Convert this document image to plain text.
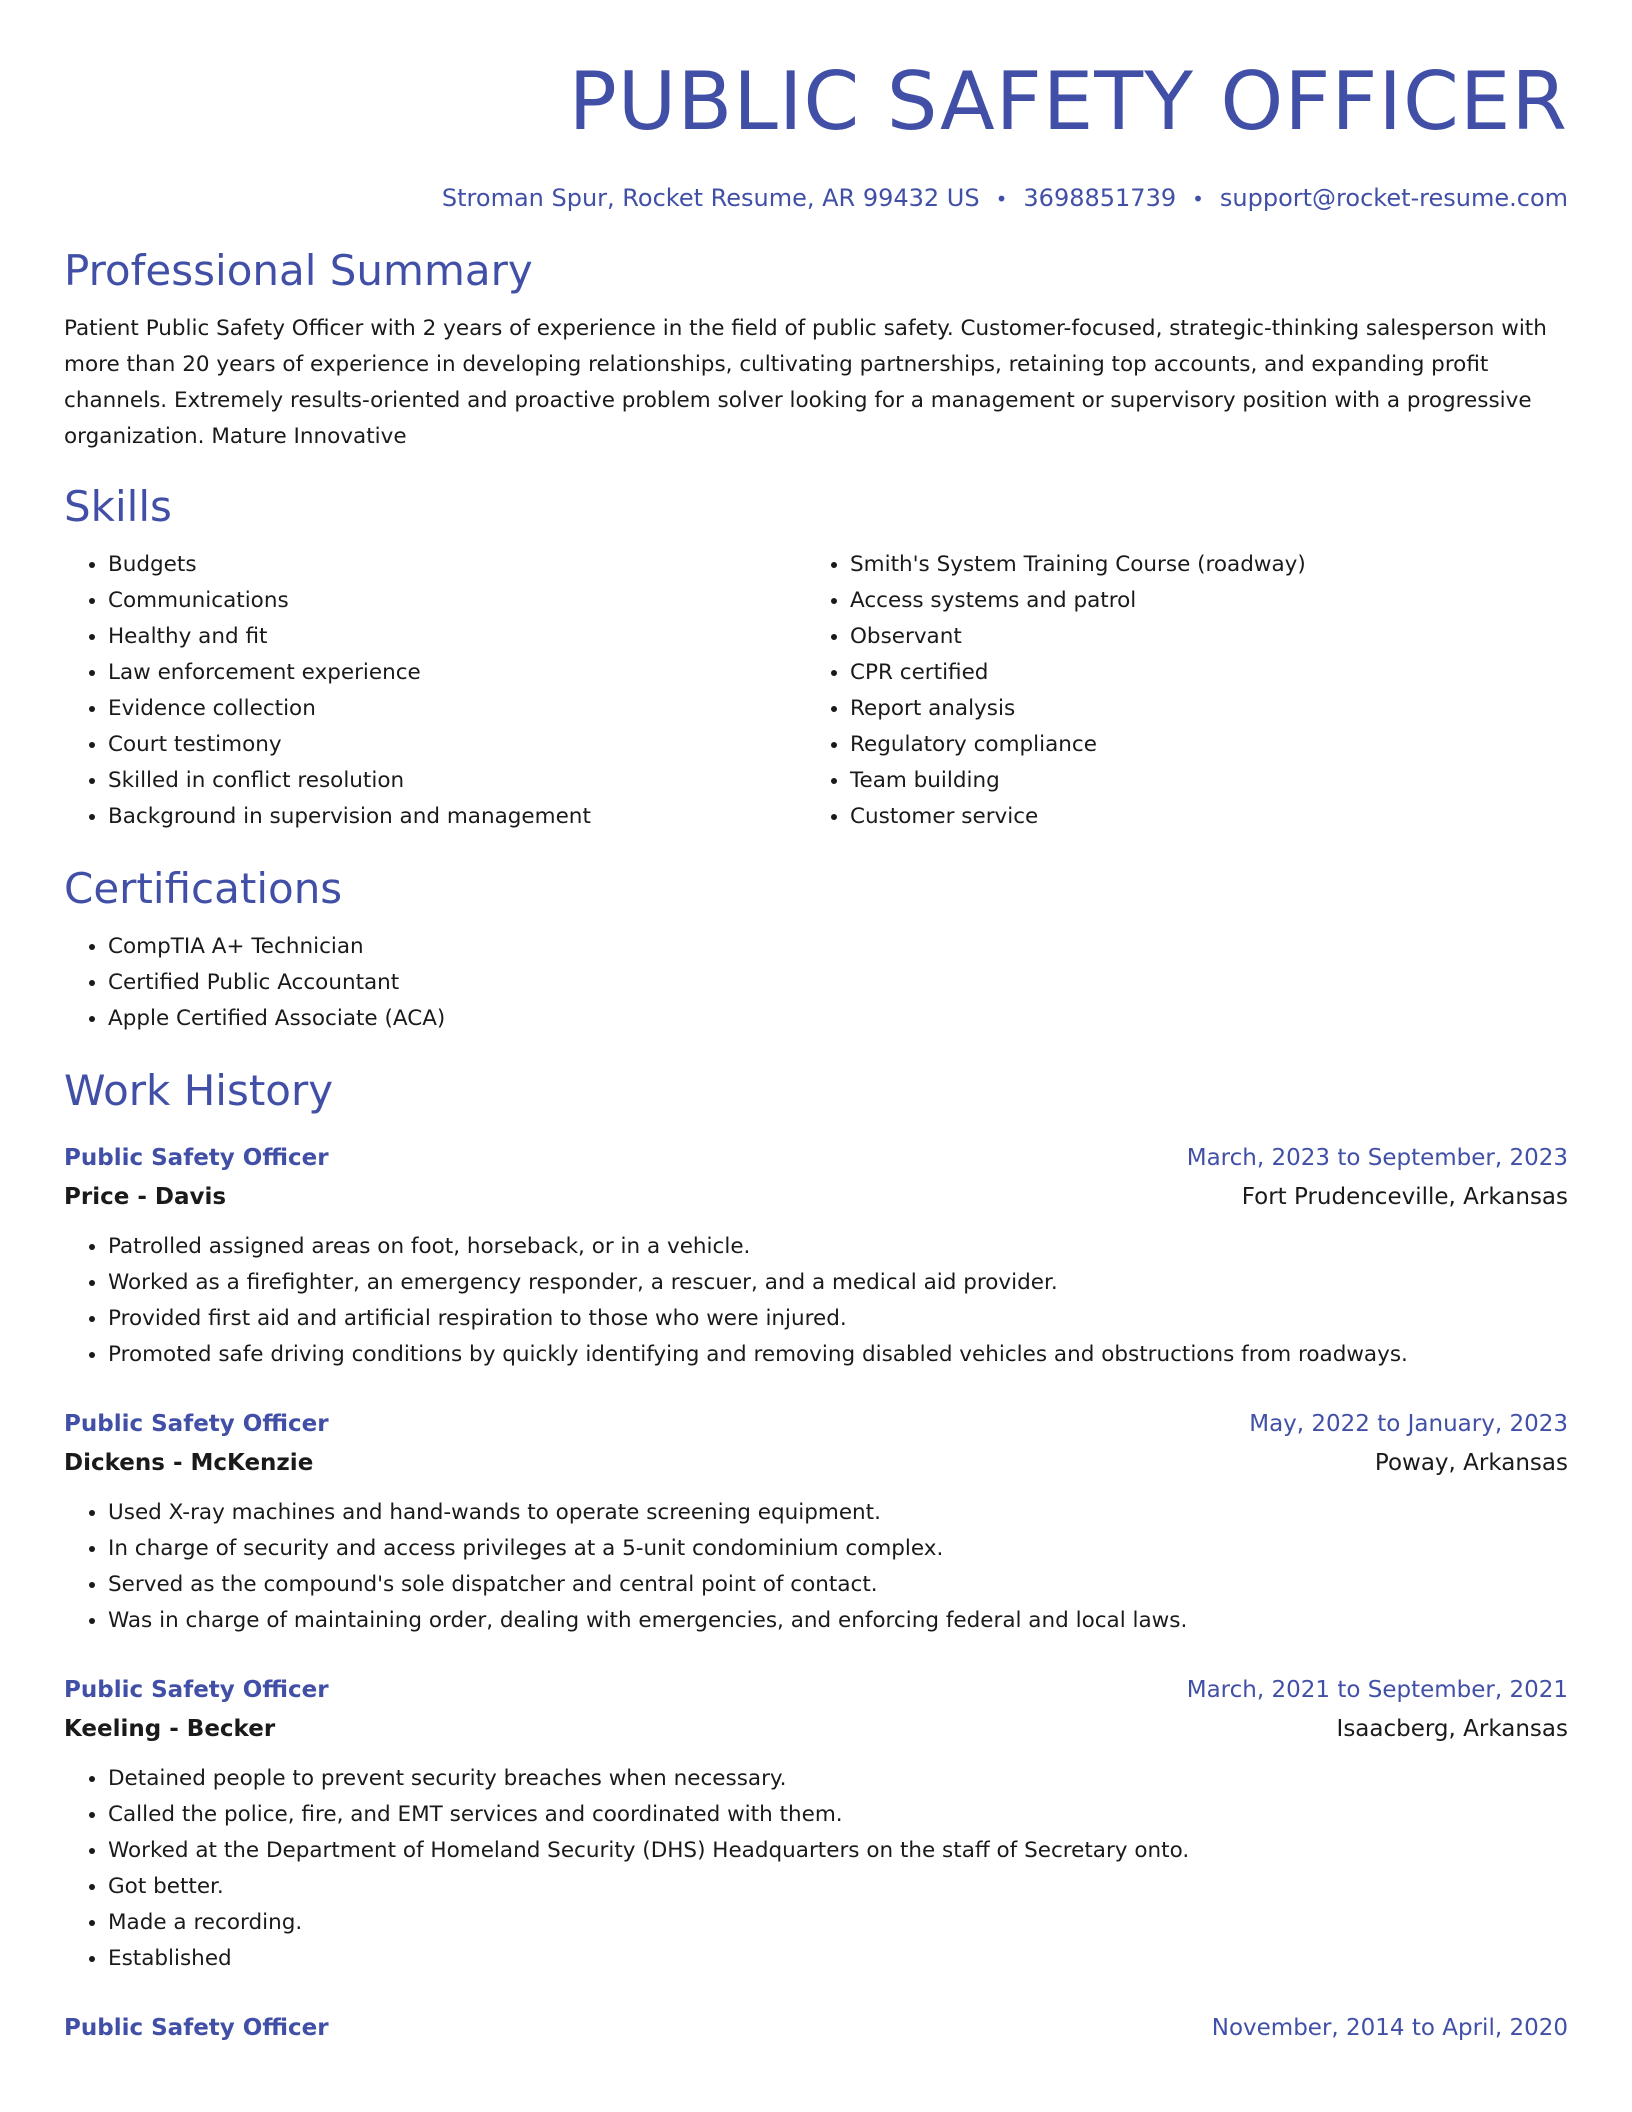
PUBLIC SAFETY OFFICER
Stroman Spur, Rocket Resume, AR 99432 US • 3698851739 • support@rocket-resume.com
Professional Summary

Patient Public Safety Officer with 2 years of experience in the field of public safety. Customer-focused, strategic-thinking salesperson with more than 20 years of experience in developing relationships, cultivating partnerships, retaining top accounts, and expanding profit channels. Extremely results-oriented and proactive problem solver looking for a management or supervisory position with a progressive organization. Mature Innovative

Skills
• Budgets
• Communications
• Healthy and fit
• Law enforcement experience
• Evidence collection
• Court testimony
• Skilled in conflict resolution
• Background in supervision and management
• Smith's System Training Course (roadway)
• Access systems and patrol
• Observant
• CPR certified
• Report analysis
• Regulatory compliance
• Team building
• Customer service
Certifications
• CompTIA A+ Technician
• Certified Public Accountant
• Apple Certified Associate (ACA)
Work History
Public Safety Officer	March, 2023 to September, 2023
Price - Davis	Fort Prudenceville, Arkansas
• Patrolled assigned areas on foot, horseback, or in a vehicle.
• Worked as a firefighter, an emergency responder, a rescuer, and a medical aid provider.
• Provided first aid and artificial respiration to those who were injured.
• Promoted safe driving conditions by quickly identifying and removing disabled vehicles and obstructions from roadways.
Public Safety Officer	May, 2022 to January, 2023
Dickens - McKenzie	Poway, Arkansas
• Used X-ray machines and hand-wands to operate screening equipment.
• In charge of security and access privileges at a 5-unit condominium complex.
• Served as the compound's sole dispatcher and central point of contact.
• Was in charge of maintaining order, dealing with emergencies, and enforcing federal and local laws.
Public Safety Officer	March, 2021 to September, 2021
Keeling - Becker	Isaacberg, Arkansas
• Detained people to prevent security breaches when necessary.
• Called the police, fire, and EMT services and coordinated with them.
• Worked at the Department of Homeland Security (DHS) Headquarters on the staff of Secretary onto.
• Got better.
• Made a recording.
• Established
Public Safety Officer	November, 2014 to April, 2020
